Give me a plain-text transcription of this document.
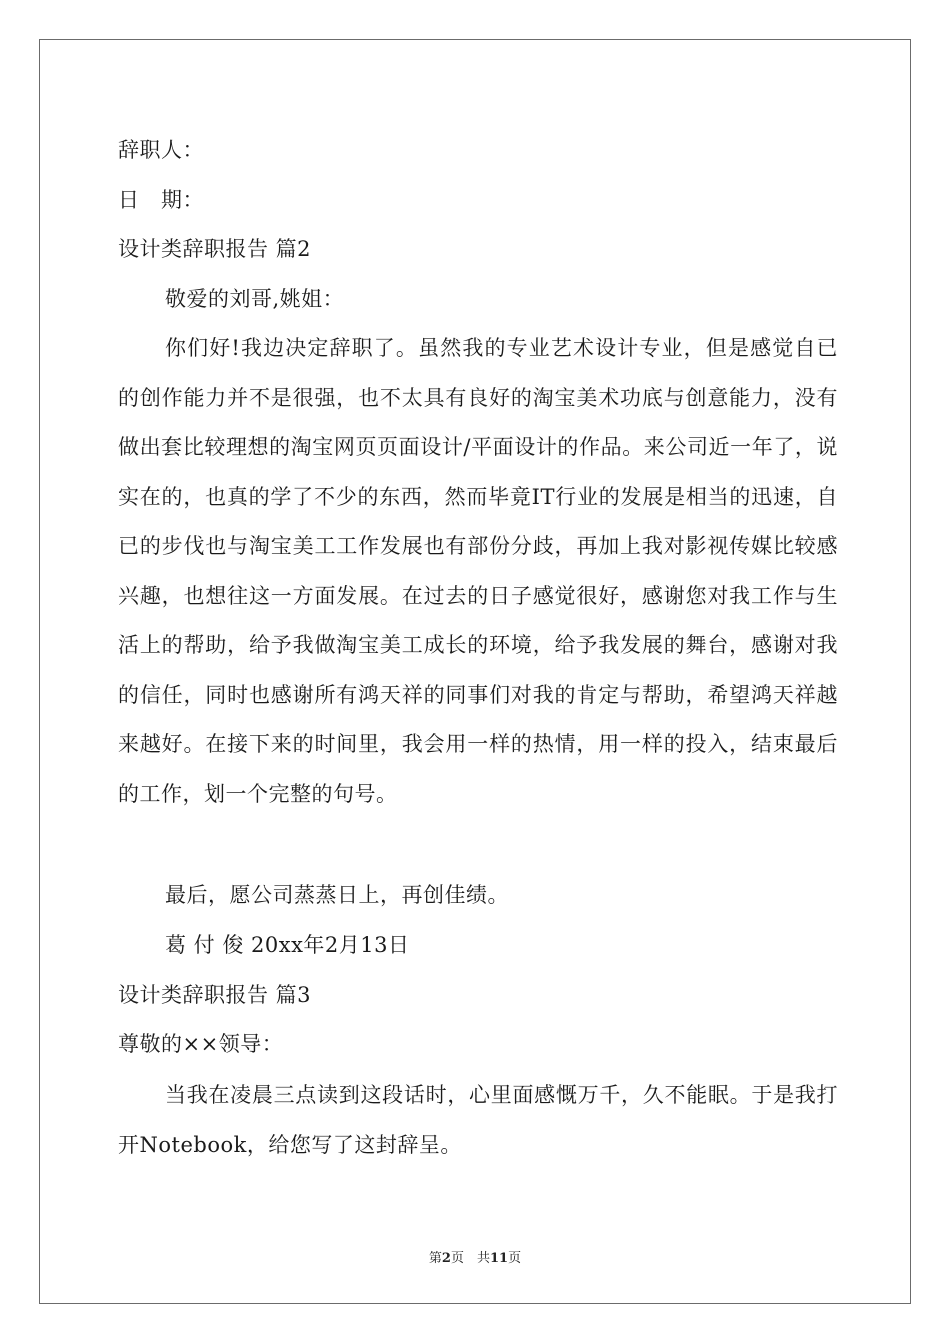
辞职人：
日　期：
设计类辞职报告 篇2
敬爱的刘哥,姚姐：
你们好!我边决定辞职了。虽然我的专业艺术设计专业，但是感觉自已的创作能力并不是很强，也不太具有良好的淘宝美术功底与创意能力，没有做出套比较理想的淘宝网页页面设计/平面设计的作品。来公司近一年了，说实在的，也真的学了不少的东西，然而毕竟IT行业的发展是相当的迅速，自已的步伐也与淘宝美工工作发展也有部份分歧，再加上我对影视传媒比较感兴趣，也想往这一方面发展。在过去的日子感觉很好，感谢您对我工作与生活上的帮助，给予我做淘宝美工成长的环境，给予我发展的舞台，感谢对我的信任，同时也感谢所有鸿天祥的同事们对我的肯定与帮助，希望鸿天祥越来越好。在接下来的时间里，我会用一样的热情，用一样的投入，结束最后的工作，划一个完整的句号。
最后，愿公司蒸蒸日上，再创佳绩。
葛 付 俊 20xx年2月13日
设计类辞职报告 篇3
尊敬的××领导：
当我在凌晨三点读到这段话时，心里面感慨万千，久不能眠。于是我打开Notebook，给您写了这封辞呈。
第2页　共11页
